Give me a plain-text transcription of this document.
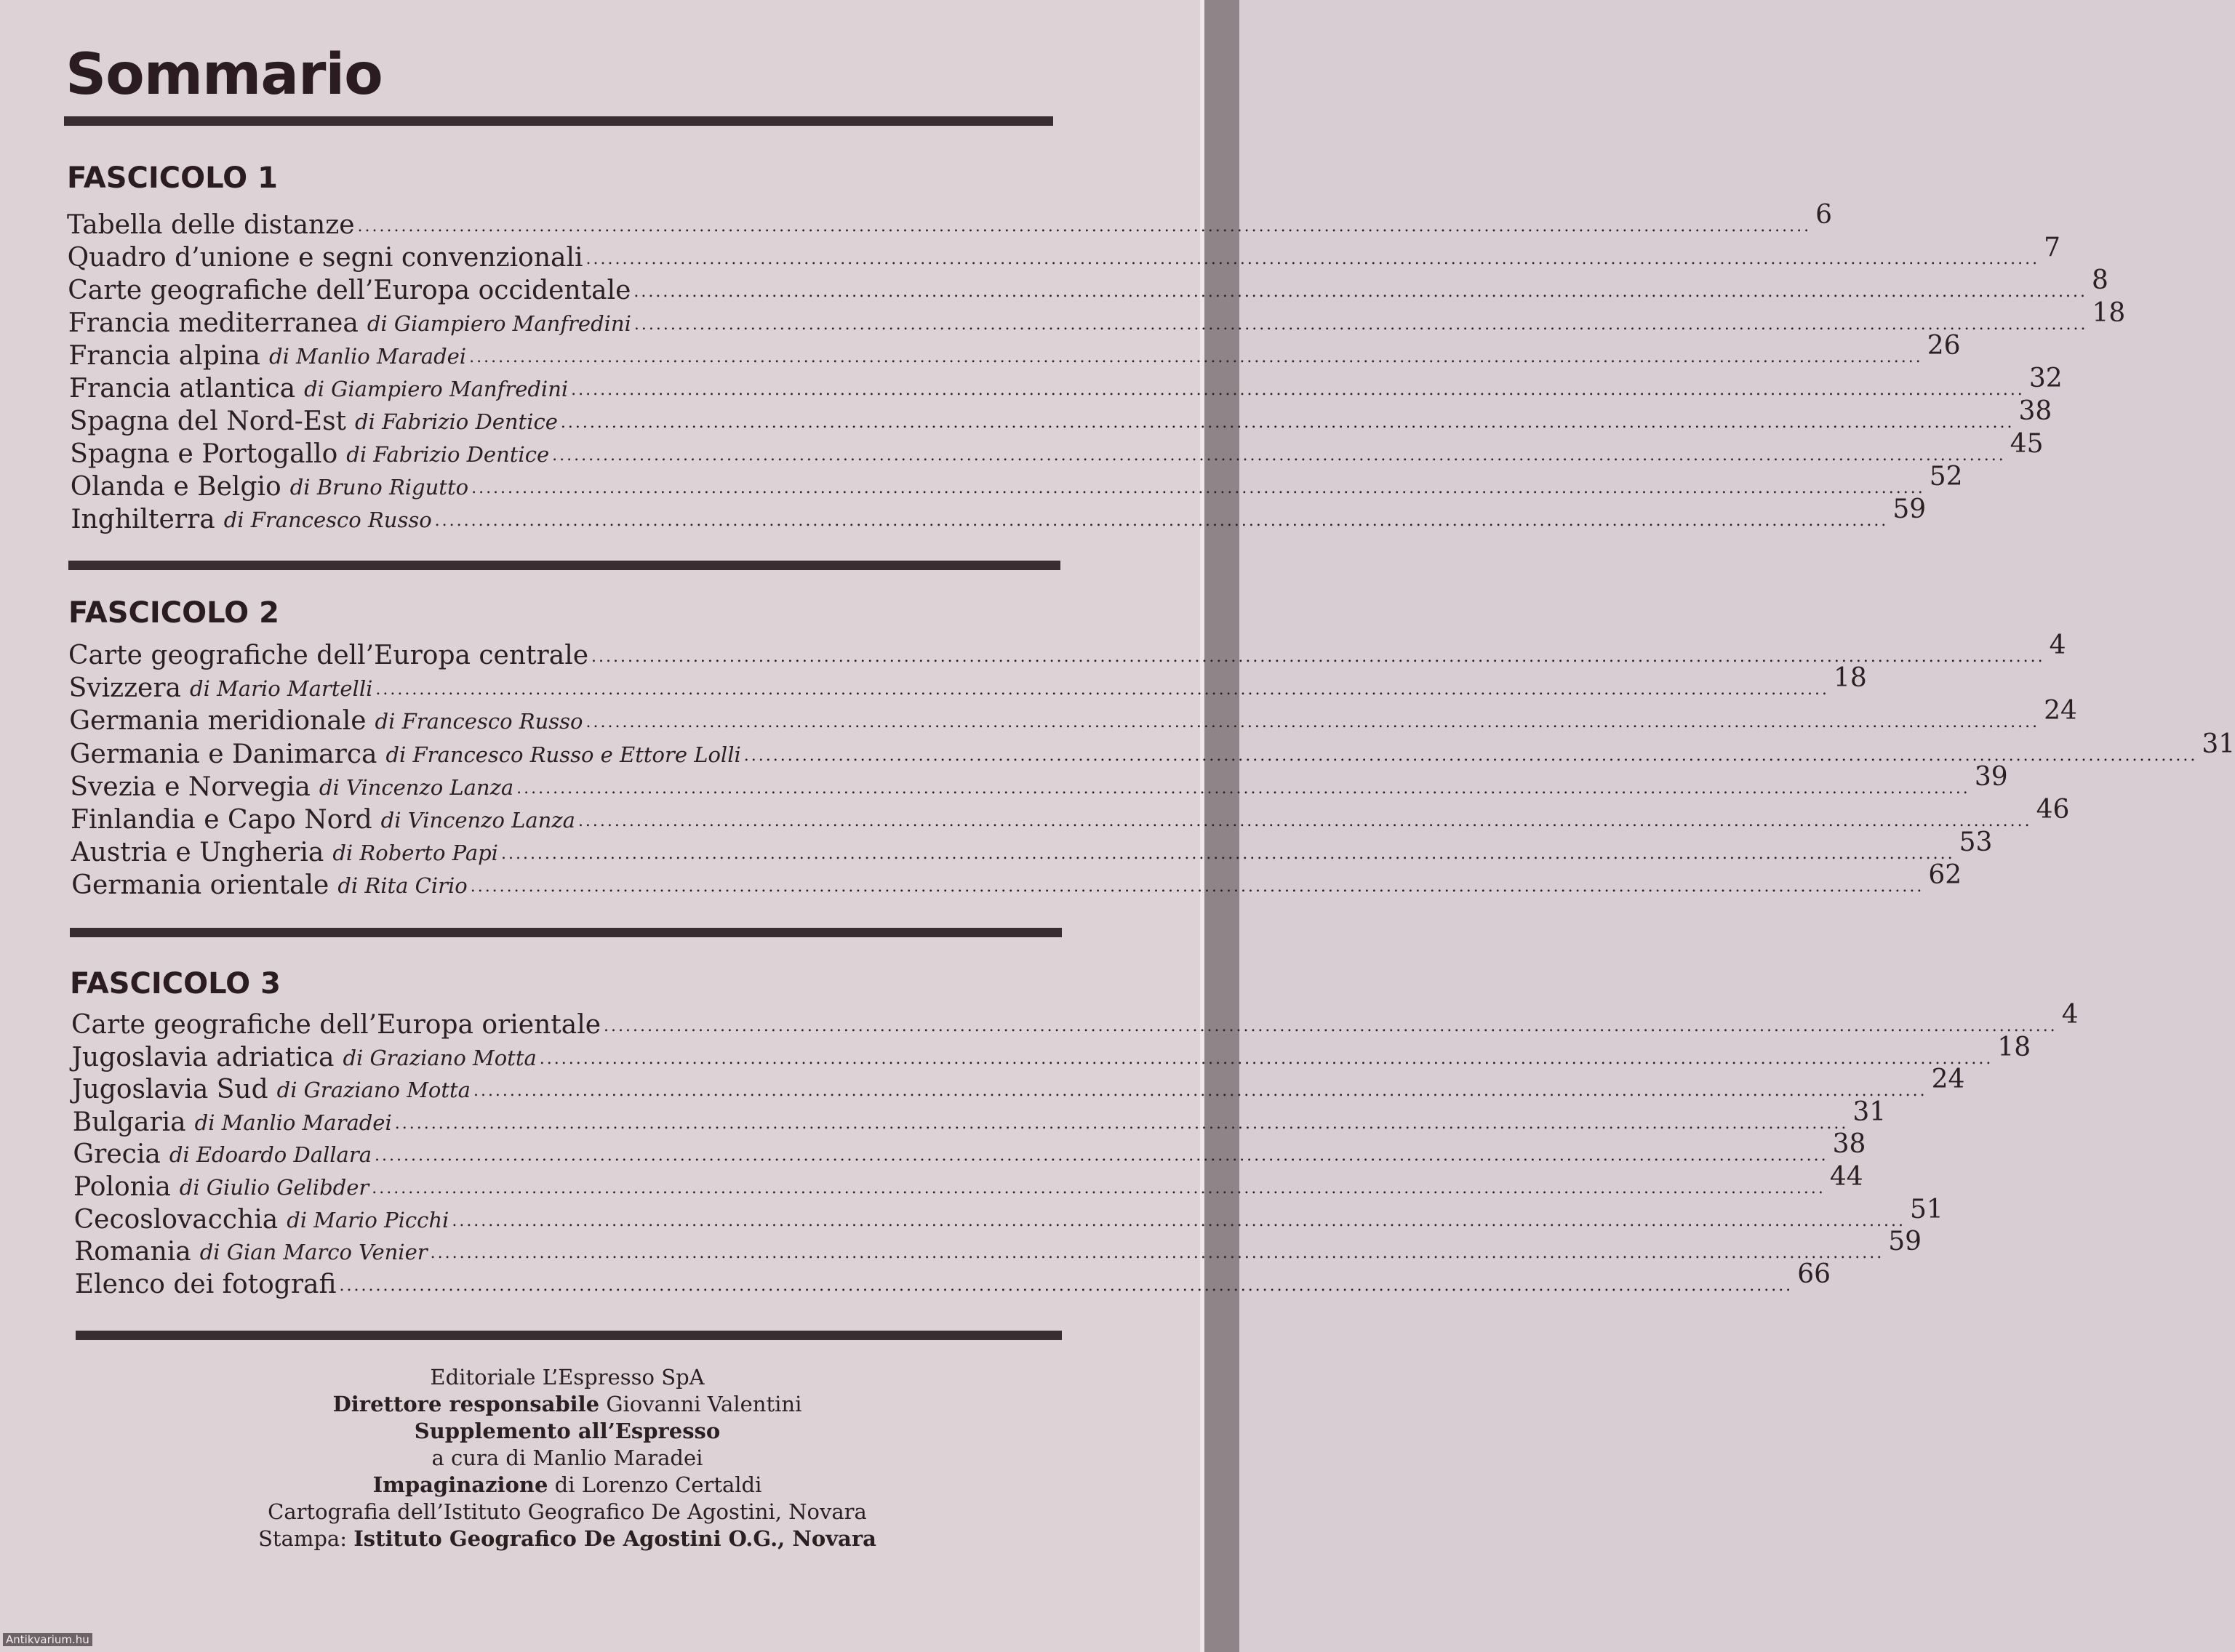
Sommario
FASCICOLO 1
Tabella delle distanze ........................................................................................................................................................................................................ 6
Quadro d’unione e segni convenzionali ........................................................................................................................................................................................................ 7
Carte geografiche dell’Europa occidentale ........................................................................................................................................................................................................ 8
Francia mediterranea di Giampiero Manfredini ........................................................................................................................................................................................................ 18
Francia alpina di Manlio Maradei ........................................................................................................................................................................................................ 26
Francia atlantica di Giampiero Manfredini ........................................................................................................................................................................................................ 32
Spagna del Nord-Est di Fabrizio Dentice ........................................................................................................................................................................................................ 38
Spagna e Portogallo di Fabrizio Dentice ........................................................................................................................................................................................................ 45
Olanda e Belgio di Bruno Rigutto ........................................................................................................................................................................................................ 52
Inghilterra di Francesco Russo ........................................................................................................................................................................................................ 59
FASCICOLO 2
Carte geografiche dell’Europa centrale ........................................................................................................................................................................................................ 4
Svizzera di Mario Martelli ........................................................................................................................................................................................................ 18
Germania meridionale di Francesco Russo ........................................................................................................................................................................................................ 24
Germania e Danimarca di Francesco Russo e Ettore Lolli ........................................................................................................................................................................................................ 31
Svezia e Norvegia di Vincenzo Lanza ........................................................................................................................................................................................................ 39
Finlandia e Capo Nord di Vincenzo Lanza ........................................................................................................................................................................................................ 46
Austria e Ungheria di Roberto Papi ........................................................................................................................................................................................................ 53
Germania orientale di Rita Cirio ........................................................................................................................................................................................................ 62
FASCICOLO 3
Carte geografiche dell’Europa orientale ........................................................................................................................................................................................................ 4
Jugoslavia adriatica di Graziano Motta ........................................................................................................................................................................................................ 18
Jugoslavia Sud di Graziano Motta ........................................................................................................................................................................................................ 24
Bulgaria di Manlio Maradei ........................................................................................................................................................................................................ 31
Grecia di Edoardo Dallara ........................................................................................................................................................................................................ 38
Polonia di Giulio Gelibder ........................................................................................................................................................................................................ 44
Cecoslovacchia di Mario Picchi ........................................................................................................................................................................................................ 51
Romania di Gian Marco Venier ........................................................................................................................................................................................................ 59
Elenco dei fotografi ........................................................................................................................................................................................................ 66
Editoriale L’Espresso SpA
Direttore responsabile Giovanni Valentini
Supplemento all’Espresso
a cura di Manlio Maradei
Impaginazione di Lorenzo Certaldi
Cartografia dell’Istituto Geografico De Agostini, Novara
Stampa: Istituto Geografico De Agostini O.G., Novara
Antikvarium.hu
